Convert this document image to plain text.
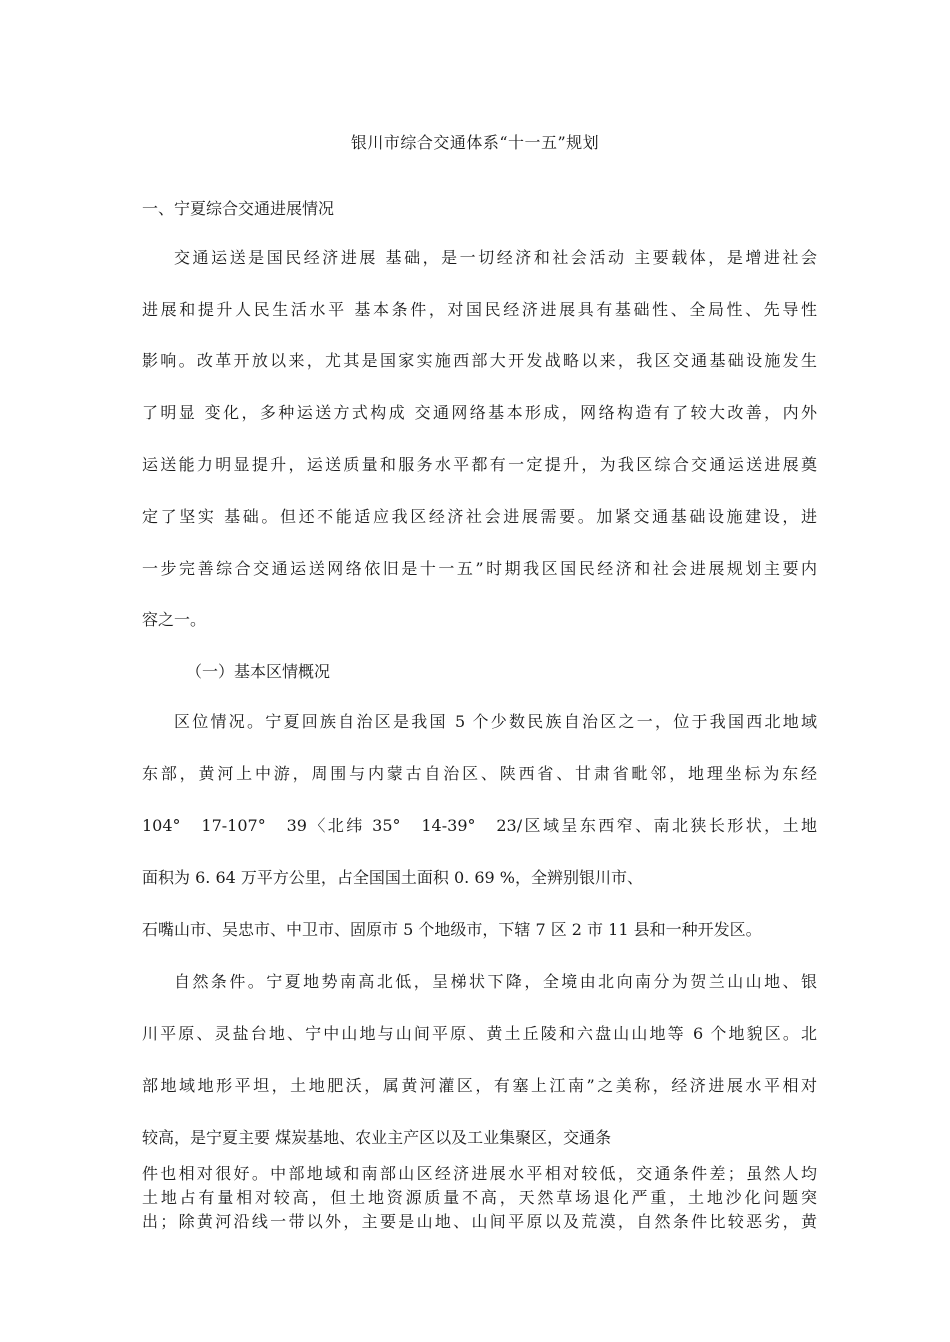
银川市综合交通体系“十一五”规划
一、宁夏综合交通进展情况
交通运送是国民经济进展 基础，是一切经济和社会活动 主要载体，是增进社会
进展和提升人民生活水平 基本条件，对国民经济进展具有基础性、全局性、先导性
影响。改革开放以来，尤其是国家实施西部大开发战略以来，我区交通基础设施发生
了明显 变化，多种运送方式构成 交通网络基本形成，网络构造有了较大改善，内外
运送能力明显提升，运送质量和服务水平都有一定提升，为我区综合交通运送进展奠
定了坚实 基础。但还不能适应我区经济社会进展需要。加紧交通基础设施建设，进
一步完善综合交通运送网络依旧是十一五”时期我区国民经济和社会进展规划主要内
容之一。
（一）基本区情概况
区位情况。宁夏回族自治区是我国 5 个少数民族自治区之一，位于我国西北地域
东部，黄河上中游，周围与内蒙古自治区、陕西省、甘肃省毗邻，地理坐标为东经
104°　17-107°　39〈北纬 35°　14-39°　23/区域呈东西窄、南北狭长形状，土地
面积为 6. 64 万平方公里，占全国国土面积 0. 69 %，全辨别银川市、
石嘴山市、吴忠市、中卫市、固原市 5 个地级市，下辖 7 区 2 市 11 县和一种开发区。
自然条件。宁夏地势南高北低，呈梯状下降，全境由北向南分为贺兰山山地、银
川平原、灵盐台地、宁中山地与山间平原、黄土丘陵和六盘山山地等 6 个地貌区。北
部地域地形平坦，土地肥沃，属黄河灌区，有塞上江南”之美称，经济进展水平相对
较高，是宁夏主要 煤炭基地、农业主产区以及工业集聚区，交通条
件也相对很好。中部地域和南部山区经济进展水平相对较低，交通条件差；虽然人均
土地占有量相对较高，但土地资源质量不高，天然草场退化严重，土地沙化问题突
出；除黄河沿线一带以外，主要是山地、山间平原以及荒漠，自然条件比较恶劣，黄
